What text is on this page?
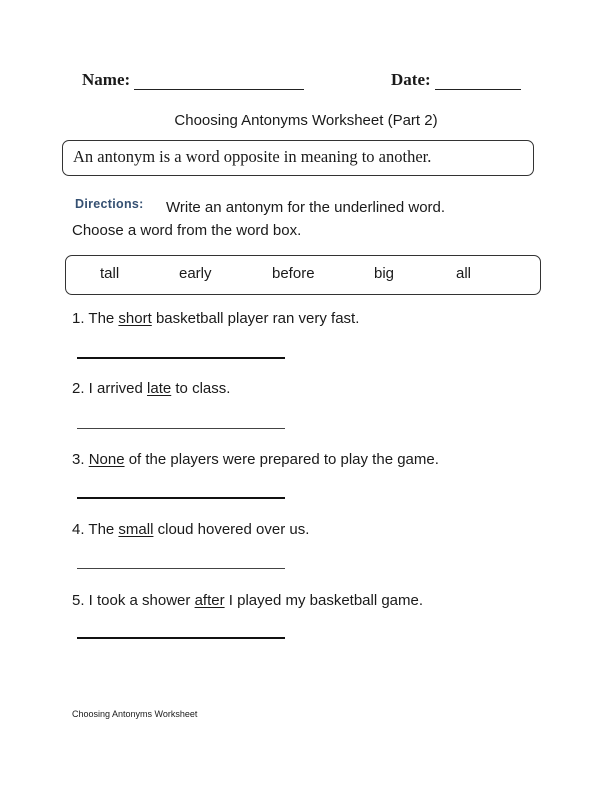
Name:	Date:
Choosing Antonyms Worksheet (Part 2)
An antonym is a word opposite in meaning to another.
Directions: Write an antonym for the underlined word.
Choose a word from the word box.
tall	early	before	big	all
1. The short basketball player ran very fast.
2. I arrived late to class.
3. None of the players were prepared to play the game.
4. The small cloud hovered over us.
5. I took a shower after I played my basketball game.
Choosing Antonyms Worksheet
